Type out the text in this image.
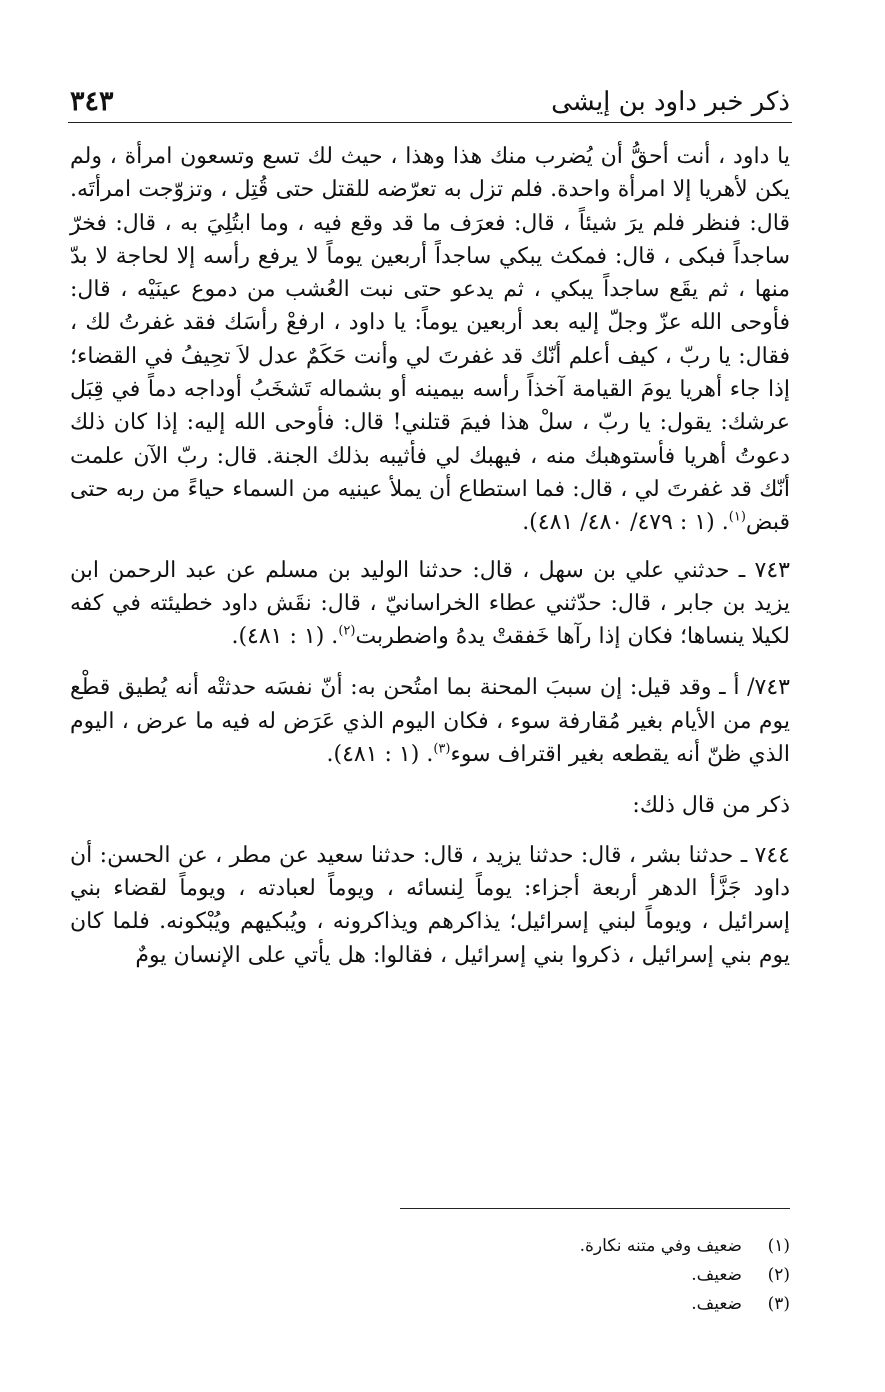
ذكر خبر داود بن إيشى
٣٤٣

يا داود ، أنت أحقُّ أن يُضرب منك هذا وهذا ، حيث لك تسع وتسعون امرأة ، ولم يكن لأهريا إلا امرأة واحدة. فلم تزل به تعرّضه للقتل حتى قُتِل ، وتزوّجت امرأتَه. قال: فنظر فلم يرَ شيئاً ، قال: فعرَف ما قد وقع فيه ، وما ابتُلِيَ به ، قال: فخرّ ساجداً فبكى ، قال: فمكث يبكي ساجداً أربعين يوماً لا يرفع رأسه إلا لحاجة لا بدّ منها ، ثم يقَع ساجداً يبكي ، ثم يدعو حتى نبت العُشب من دموع عينَيْه ، قال: فأوحى الله عزّ وجلّ إليه بعد أربعين يوماً: يا داود ، ارفعْ رأسَك فقد غفرتُ لك ، فقال: يا ربّ ، كيف أعلم أنّك قد غفرتَ لي وأنت حَكَمٌ عدل لاَ تحِيفُ في القضاء؛ إذا جاء أهريا يومَ القيامة آخذاً رأسه بيمينه أو بشماله تَشخَبُ أوداجه دماً في قِبَل عرشك: يقول: يا ربّ ، سلْ هذا فيمَ قتلني! قال: فأوحى الله إليه: إذا كان ذلك دعوتُ أهريا فأستوهبك منه ، فيهبك لي فأثيبه بذلك الجنة. قال: ربّ الآن علمت أنّك قد غفرتَ لي ، قال: فما استطاع أن يملأ عينيه من السماء حياءً من ربه حتى قبض$^{(١)}$. (١ : ٤٧٩/ ٤٨٠/ ٤٨١).

٧٤٣ ـ حدثني علي بن سهل ، قال: حدثنا الوليد بن مسلم عن عبد الرحمن ابن يزيد بن جابر ، قال: حدّثني عطاء الخراسانيّ ، قال: نقَش داود خطيئته في كفه لكيلا ينساها؛ فكان إذا رآها خَفقتْ يدهُ واضطربت$^{(٢)}$. (١ : ٤٨١).

٧٤٣/ أ ـ وقد قيل: إن سببَ المحنة بما امتُحن به: أنّ نفسَه حدثتْه أنه يُطيق قطْع يوم من الأيام بغير مُقارفة سوء ، فكان اليوم الذي عَرَض له فيه ما عرض ، اليوم الذي ظنّ أنه يقطعه بغير اقتراف سوء$^{(٣)}$. (١ : ٤٨١).

ذكر من قال ذلك:

٧٤٤ ـ حدثنا بشر ، قال: حدثنا يزيد ، قال: حدثنا سعيد عن مطر ، عن الحسن: أن داود جَزَّأ الدهر أربعة أجزاء: يوماً لِنسائه ، ويوماً لعبادته ، ويوماً لقضاء بني إسرائيل ، ويوماً لبني إسرائيل؛ يذاكرهم ويذاكرونه ، ويُبكيهم ويُبْكونه. فلما كان يوم بني إسرائيل ، ذكروا بني إسرائيل ، فقالوا: هل يأتي على الإنسان يومٌ

(١)
ضعيف وفي متنه نكارة.
(٢)
ضعيف.
(٣)
ضعيف.
